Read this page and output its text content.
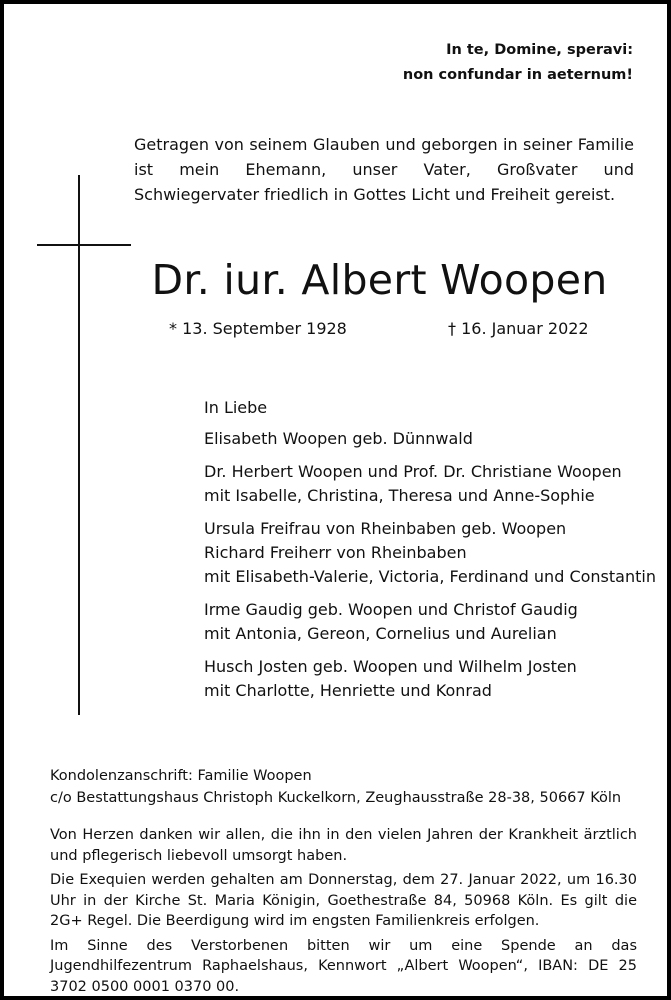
In te, Domine, speravi:
non confundar in aeternum!
Getragen von seinem Glauben und geborgen in seiner Familie ist mein Ehemann, unser Vater, Großvater und Schwiegervater friedlich in Gottes Licht und Freiheit gereist.
Dr. iur. Albert Woopen
* 13. September 1928	† 16. Januar 2022
In Liebe
Elisabeth Woopen geb. Dünnwald
Dr. Herbert Woopen und Prof. Dr. Christiane Woopen
mit Isabelle, Christina, Theresa und Anne-Sophie
Ursula Freifrau von Rheinbaben geb. Woopen
Richard Freiherr von Rheinbaben
mit Elisabeth-Valerie, Victoria, Ferdinand und Constantin
Irme Gaudig geb. Woopen und Christof Gaudig
mit Antonia, Gereon, Cornelius und Aurelian
Husch Josten geb. Woopen und Wilhelm Josten
mit Charlotte, Henriette und Konrad
Kondolenzanschrift: Familie Woopen
c/o Bestattungshaus Christoph Kuckelkorn, Zeughausstraße 28-38, 50667 Köln

Von Herzen danken wir allen, die ihn in den vielen Jahren der Krankheit ärztlich und pflegerisch liebevoll umsorgt haben.

Die Exequien werden gehalten am Donnerstag, dem 27. Januar 2022, um 16.30 Uhr in der Kirche St. Maria Königin, Goethestraße 84, 50968 Köln. Es gilt die 2G+ Regel. Die Beerdigung wird im engsten Familienkreis erfolgen.

Im Sinne des Verstorbenen bitten wir um eine Spende an das Jugendhilfezentrum Raphaelshaus, Kennwort „Albert Woopen“, IBAN: DE 25 3702 0500 0001 0370 00.
